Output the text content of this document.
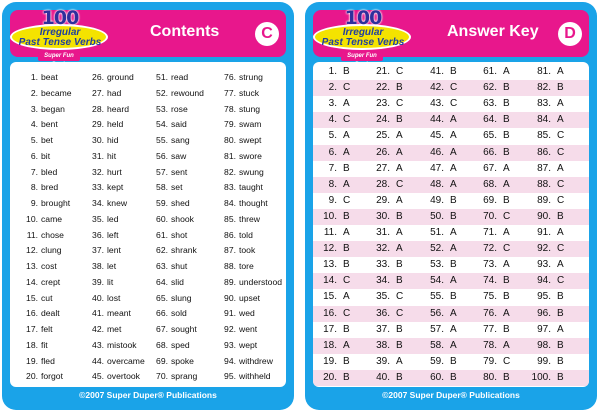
100
Irregular
Past Tense Verbs
Super Fun
Contents	C
1. beat
2. became
3. began
4. bent
5. bet
6. bit
7. bled
8. bred
9. brought
10. came
11. chose
12. clung
13. cost
14. crept
15. cut
16. dealt
17. felt
18. fit
19. fled
20. forgot
26. ground
27. had
28. heard
29. held
30. hid
31. hit
32. hurt
33. kept
34. knew
35. led
36. left
37. lent
38. let
39. lit
40. lost
41. meant
42. met
43. mistook
44. overcame
45. overtook
51. read
52. rewound
53. rose
54. said
55. sang
56. saw
57. sent
58. set
59. shed
60. shook
61. shot
62. shrank
63. shut
64. slid
65. slung
66. sold
67. sought
68. sped
69. spoke
70. sprang
76. strung
77. stuck
78. stung
79. swam
80. swept
81. swore
82. swung
83. taught
84. thought
85. threw
86. told
87. took
88. tore
89. understood
90. upset
91. wed
92. went
93. wept
94. withdrew
95. withheld
©2007 Super Duper® Publications
100
Irregular
Past Tense Verbs
Super Fun
Answer Key	D
1. B	21. C	41. B	61. A	81. A
2. C	22. B	42. C	62. B	82. B
3. A	23. C	43. C	63. B	83. A
4. C	24. B	44. A	64. B	84. A
5. A	25. A	45. A	65. B	85. C
6. A	26. A	46. A	66. B	86. C
7. B	27. A	47. A	67. A	87. A
8. A	28. C	48. A	68. A	88. C
9. C	29. A	49. B	69. B	89. C
10. B	30. B	50. B	70. C	90. B
11. A	31. A	51. A	71. A	91. A
12. B	32. A	52. A	72. C	92. C
13. B	33. B	53. B	73. A	93. A
14. C	34. B	54. A	74. B	94. C
15. A	35. C	55. B	75. B	95. B
16. C	36. C	56. A	76. A	96. B
17. B	37. B	57. A	77. B	97. A
18. A	38. B	58. A	78. A	98. B
19. B	39. A	59. B	79. C	99. B
20. B	40. B	60. B	80. B	100. B
©2007 Super Duper® Publications
